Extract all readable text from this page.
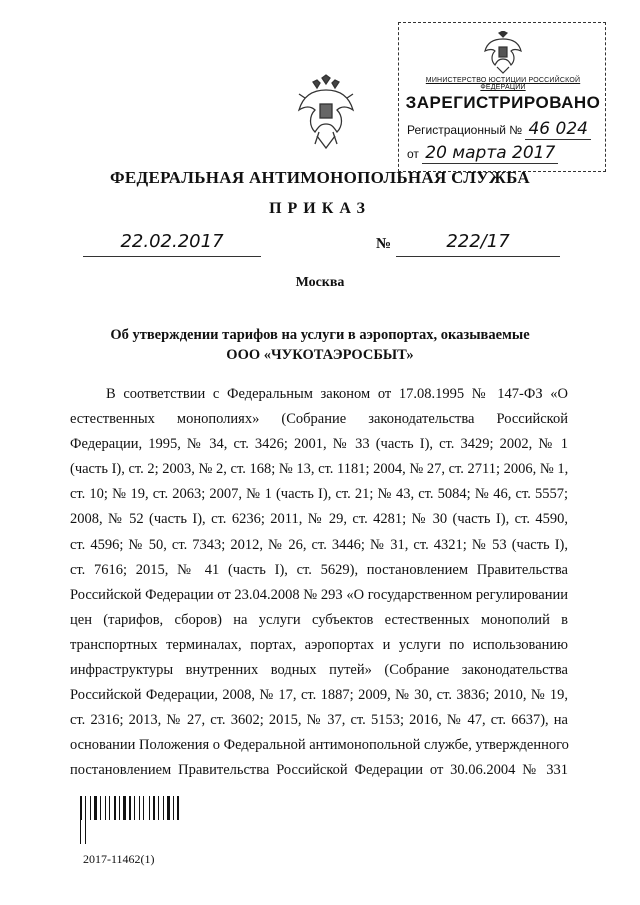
МИНИСТЕРСТВО ЮСТИЦИИ РОССИЙСКОЙ ФЕДЕРАЦИИ
ЗАРЕГИСТРИРОВАНО
Регистрационный № 46 024
от 20 марта 2017
ФЕДЕРАЛЬНАЯ АНТИМОНОПОЛЬНАЯ СЛУЖБА
ПРИКАЗ
22.02.2017	№	222/17
Москва
Об утверждении тарифов на услуги в аэропортах, оказываемые
ООО «ЧУКОТАЭРОСБЫТ»
В соответствии с Федеральным законом от 17.08.1995 № 147-ФЗ «О
естественных монополиях» (Собрание законодательства Российской
Федерации, 1995, № 34, ст. 3426; 2001, № 33 (часть I), ст. 3429; 2002, № 1
(часть I), ст. 2; 2003, № 2, ст. 168; № 13, ст. 1181; 2004, № 27, ст. 2711; 2006, № 1,
ст. 10; № 19, ст. 2063; 2007, № 1 (часть I), ст. 21; № 43, ст. 5084; № 46, ст. 5557;
2008, № 52 (часть I), ст. 6236; 2011, № 29, ст. 4281; № 30 (часть I), ст. 4590,
ст. 4596; № 50, ст. 7343; 2012, № 26, ст. 3446; № 31, ст. 4321; № 53 (часть I),
ст. 7616; 2015, № 41 (часть I), ст. 5629), постановлением Правительства
Российской Федерации от 23.04.2008 № 293 «О государственном регулировании
цен (тарифов, сборов) на услуги субъектов естественных монополий в
транспортных терминалах, портах, аэропортах и услуги по использованию
инфраструктуры внутренних водных путей» (Собрание законодательства
Российской Федерации, 2008, № 17, ст. 1887; 2009, № 30, ст. 3836; 2010, № 19,
ст. 2316; 2013, № 27, ст. 3602; 2015, № 37, ст. 5153; 2016, № 47, ст. 6637), на
основании Положения о Федеральной антимонопольной службе, утвержденного
постановлением Правительства Российской Федерации от 30.06.2004 № 331
2017-11462(1)
